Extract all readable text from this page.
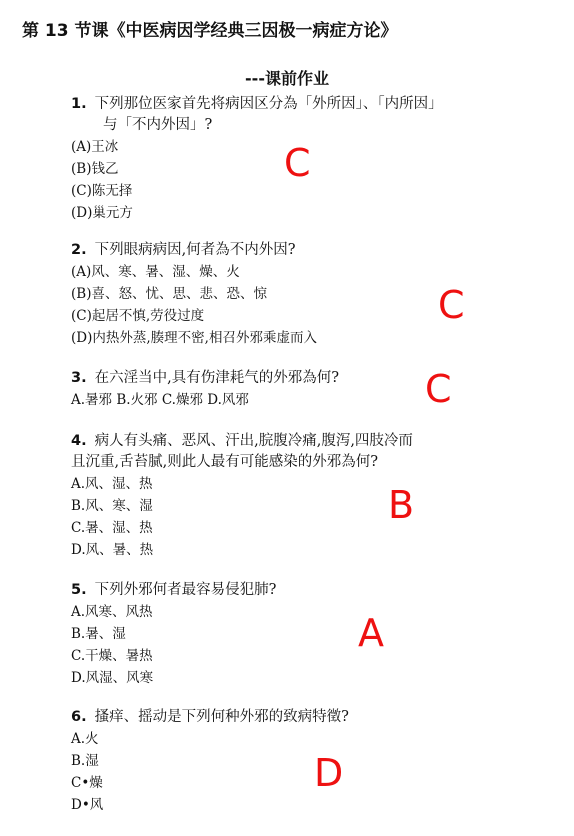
第 13 节课《中医病因学经典三因极一病症方论》
---课前作业
1. 下列那位医家首先将病因区分為「外所因」、「内所因」
与「不内外因」?
(A)王冰
(B)钱乙
(C)陈无择
(D)巢元方
C
2. 下列眼病病因,何者為不内外因?
(A)风、寒、暑、湿、燥、火
(B)喜、怒、忧、思、悲、恐、惊
(C)起居不慎,劳役过度
(D)内热外蒸,腠理不密,相召外邪乘虚而入
C
3. 在六淫当中,具有伤津耗气的外邪為何?
A.暑邪 B.火邪 C.燥邪 D.风邪	C
4. 病人有头痛、恶风、汗出,脘腹冷痛,腹泻,四肢冷而
且沉重,舌苔腻,则此人最有可能感染的外邪為何?
A.风、湿、热
B.风、寒、湿
C.暑、湿、热
D.风、暑、热
B
5. 下列外邪何者最容易侵犯肺?
A.风寒、风热
B.暑、湿
C.干燥、暑热
D.风湿、风寒
A
6. 搔痒、摇动是下列何种外邪的致病特徵?
A.火
B.湿
C•燥
D•风
D
